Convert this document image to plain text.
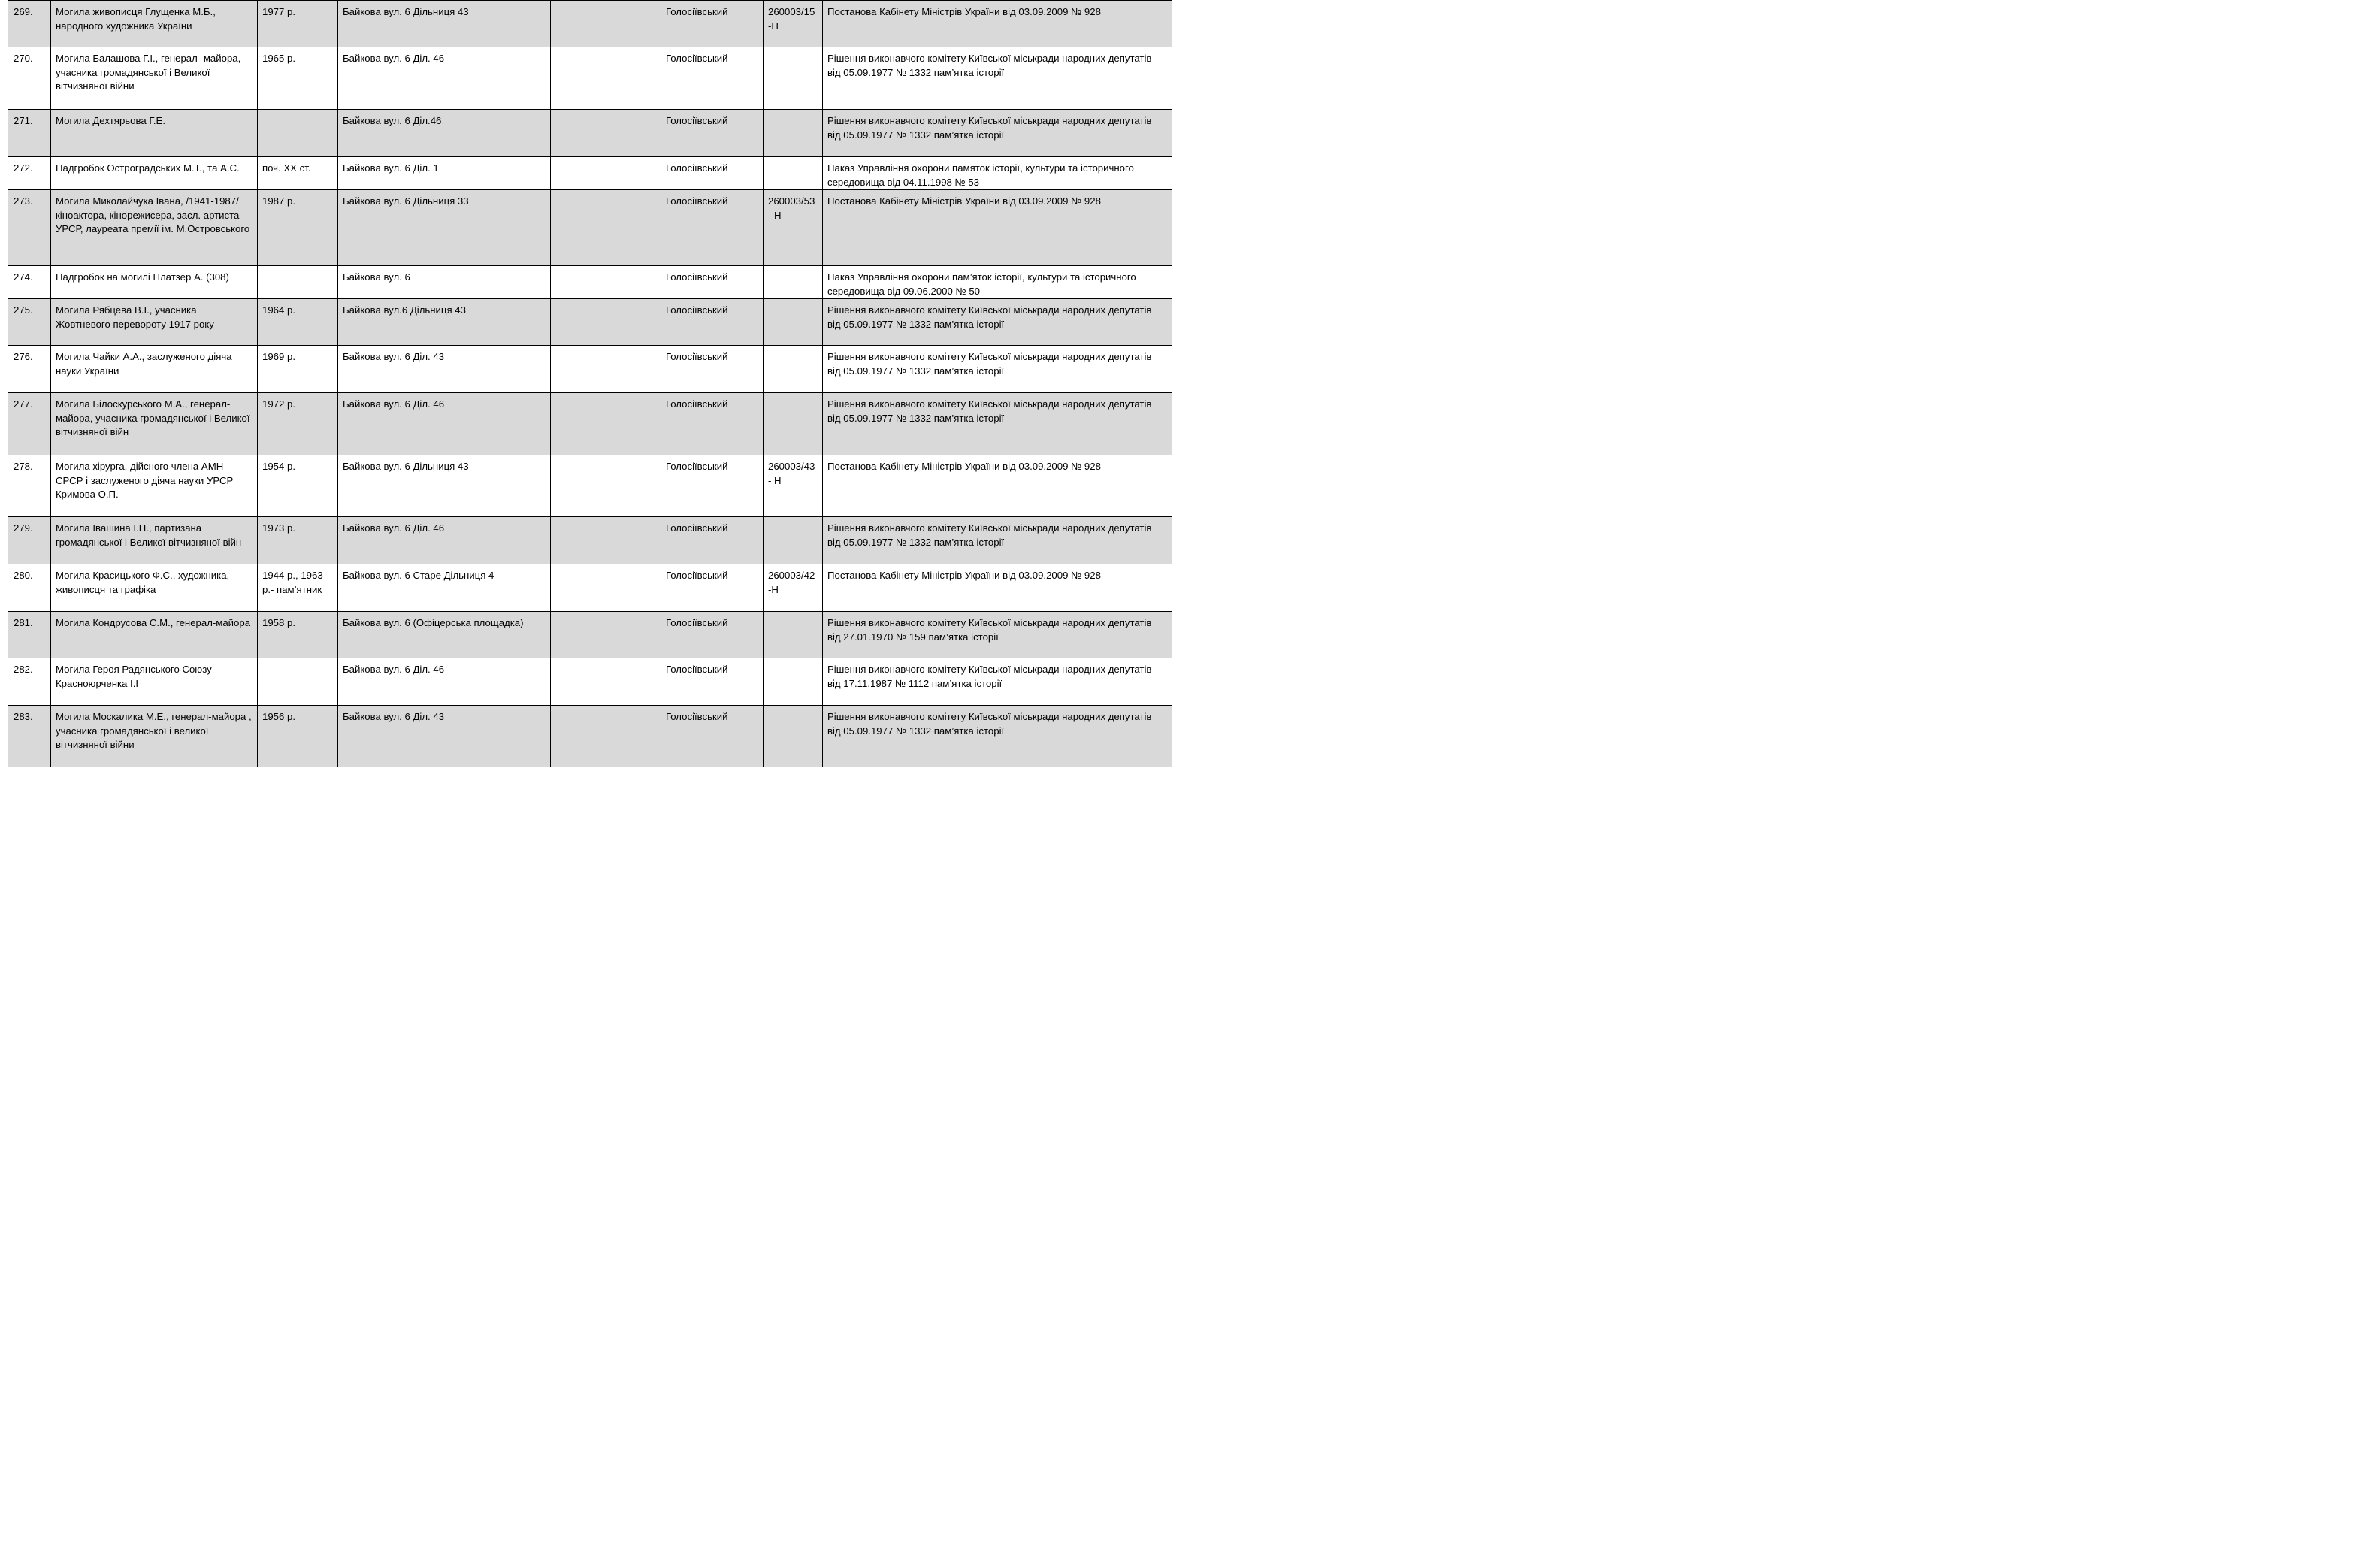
269.	Могила живописця Глущенка М.Б., народного художника України	1977 р.	Байкова вул. 6 Дільниця 43		Голосіївський	260003/15-Н	Постанова Кабінету Міністрів України від 03.09.2009 № 928
270.	Могила Балашова Г.І., генерал- майора, учасника громадянської і Великої вітчизняної війни	1965 р.	Байкова вул. 6 Діл. 46		Голосіївський		Рішення виконавчого комітету Київської міськради народних депутатів від 05.09.1977 № 1332 пам’ятка історії
271.	Могила Дехтярьова Г.Е.		Байкова вул. 6 Діл.46		Голосіївський		Рішення виконавчого комітету Київської міськради народних депутатів від 05.09.1977 № 1332 пам’ятка історії
272.	Надгробок Остроградських М.Т., та А.С.	поч. ХХ ст.	Байкова вул. 6 Діл. 1		Голосіївський		Наказ Управління охорони памяток історії, культури та історичного середовища від 04.11.1998 № 53
273.	Могила Миколайчука Івана, /1941-1987/ кіноактора, кінорежисера, засл. артиста УРСР, лауреата премії ім. М.Островського	1987 р.	Байкова вул. 6 Дільниця 33		Голосіївський	260003/53- Н	Постанова Кабінету Міністрів України від 03.09.2009 № 928
274.	Надгробок на могилі Платзер А. (308)		Байкова вул. 6		Голосіївський		Наказ Управління охорони пам’яток історії, культури та історичного середовища від 09.06.2000 № 50
275.	Могила Рябцева В.І., учасника Жовтневого перевороту 1917 року	1964 р.	Байкова вул.6 Дільниця 43		Голосіївський		Рішення виконавчого комітету Київської міськради народних депутатів від 05.09.1977 № 1332 пам’ятка історії
276.	Могила Чайки А.А., заслуженого діяча науки України	1969 р.	Байкова вул. 6 Діл. 43		Голосіївський		Рішення виконавчого комітету Київської міськради народних депутатів від 05.09.1977 № 1332 пам’ятка історії
277.	Могила Білоскурського М.А., генерал-майора, учасника громадянської і Великої вітчизняної війн	1972 р.	Байкова вул. 6 Діл. 46		Голосіївський		Рішення виконавчого комітету Київської міськради народних депутатів від 05.09.1977 № 1332 пам’ятка історії
278.	Могила хірурга, дійсного члена АМН СРСР і заслуженого діяча науки УРСР Кримова О.П.	1954 р.	Байкова вул. 6 Дільниця 43		Голосіївський	260003/43- Н	Постанова Кабінету Міністрів України від 03.09.2009 № 928
279.	Могила Івашина І.П., партизана громадянської і Великої вітчизняної війн	1973 р.	Байкова вул. 6 Діл. 46		Голосіївський		Рішення виконавчого комітету Київської міськради народних депутатів від 05.09.1977 № 1332 пам’ятка історії
280.	Могила Красицького Ф.С., художника, живописця та графіка	1944 р., 1963 р.- пам’ятник	Байкова вул. 6 Старе Дільниця 4		Голосіївський	260003/42-Н	Постанова Кабінету Міністрів України від 03.09.2009 № 928
281.	Могила Кондрусова С.М., генерал-майора	1958 р.	Байкова вул. 6 (Офіцерська площадка)		Голосіївський		Рішення виконавчого комітету Київської міськради народних депутатів від 27.01.1970 № 159 пам’ятка історії
282.	Могила Героя Радянського Союзу Красноюрченка І.І		Байкова вул. 6 Діл. 46		Голосіївський		Рішення виконавчого комітету Київської міськради народних депутатів від 17.11.1987 № 1112 пам’ятка історії
283.	Могила Москалика М.Е., генерал-майора , учасника громадянської і великої вітчизняної війни	1956 р.	Байкова вул. 6 Діл. 43		Голосіївський		Рішення виконавчого комітету Київської міськради народних депутатів від 05.09.1977 № 1332 пам’ятка історії
